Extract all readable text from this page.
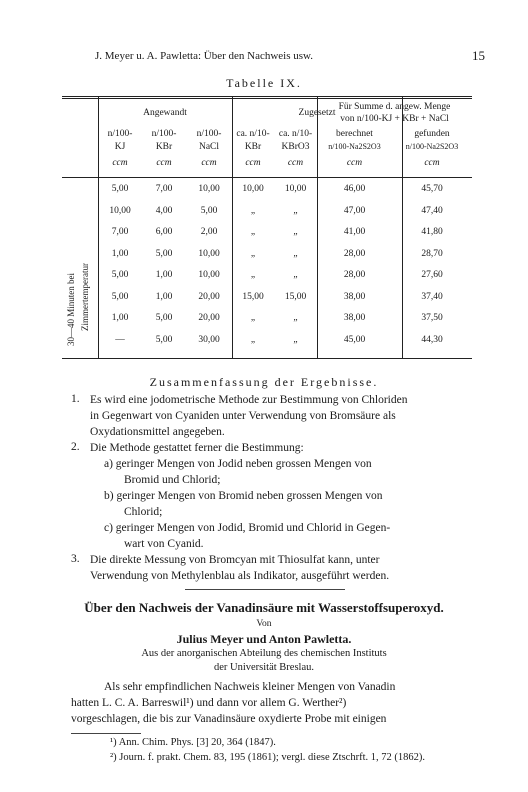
J. Meyer u. A. Pawletta: Über den Nachweis usw.	15
Tabelle IX.
Angewandt	Zugesetzt
Für Summe d. angew. Menge
von n/100-KJ + KBr + NaCl
n/100-	n/100-	n/100-	ca. n/10- ca. n/10-	berechnet	gefunden
KJ	KBr	NaCl	KBr	KBrO3	n/100-Na2S2O3	n/100-Na2S2O3
ccm	ccm	ccm	ccm	ccm	ccm	ccm
30—40 Minuten bei Zimmertemperatur
5,00	7,00	10,00	10,00	10,00	46,00	45,70
10,00	4,00	5,00	„	„	47,00	47,40
7,00	6,00	2,00	„	„	41,00	41,80
1,00	5,00	10,00	„	„	28,00	28,70
5,00	1,00	10,00	„	„	28,00	27,60
5,00	1,00	20,00	15,00	15,00	38,00	37,40
1,00	5,00	20,00	„	„	38,00	37,50
—	5,00	30,00	„	„	45,00	44,30
Zusammenfassung der Ergebnisse.
1. Es wird eine jodometrische Methode zur Bestimmung von Chloriden
in Gegenwart von Cyaniden unter Verwendung von Bromsäure als
Oxydationsmittel angegeben.
2. Die Methode gestattet ferner die Bestimmung:
a) geringer Mengen von Jodid neben grossen Mengen von
Bromid und Chlorid;
b) geringer Mengen von Bromid neben grossen Mengen von
Chlorid;
c) geringer Mengen von Jodid, Bromid und Chlorid in Gegen-
wart von Cyanid.
3. Die direkte Messung von Bromcyan mit Thiosulfat kann, unter
Verwendung von Methylenblau als Indikator, ausgeführt werden.
Über den Nachweis der Vanadinsäure mit Wasserstoffsuperoxyd.
Von
Julius Meyer und Anton Pawletta.
Aus der anorganischen Abteilung des chemischen Instituts
der Universität Breslau.
Als sehr empfindlichen Nachweis kleiner Mengen von Vanadin
hatten L. C. A. Barreswil¹) und dann vor allem G. Werther²)
vorgeschlagen, die bis zur Vanadinsäure oxydierte Probe mit einigen
¹) Ann. Chim. Phys. [3] 20, 364 (1847).
²) Journ. f. prakt. Chem. 83, 195 (1861); vergl. diese Ztschrft. 1, 72 (1862).
